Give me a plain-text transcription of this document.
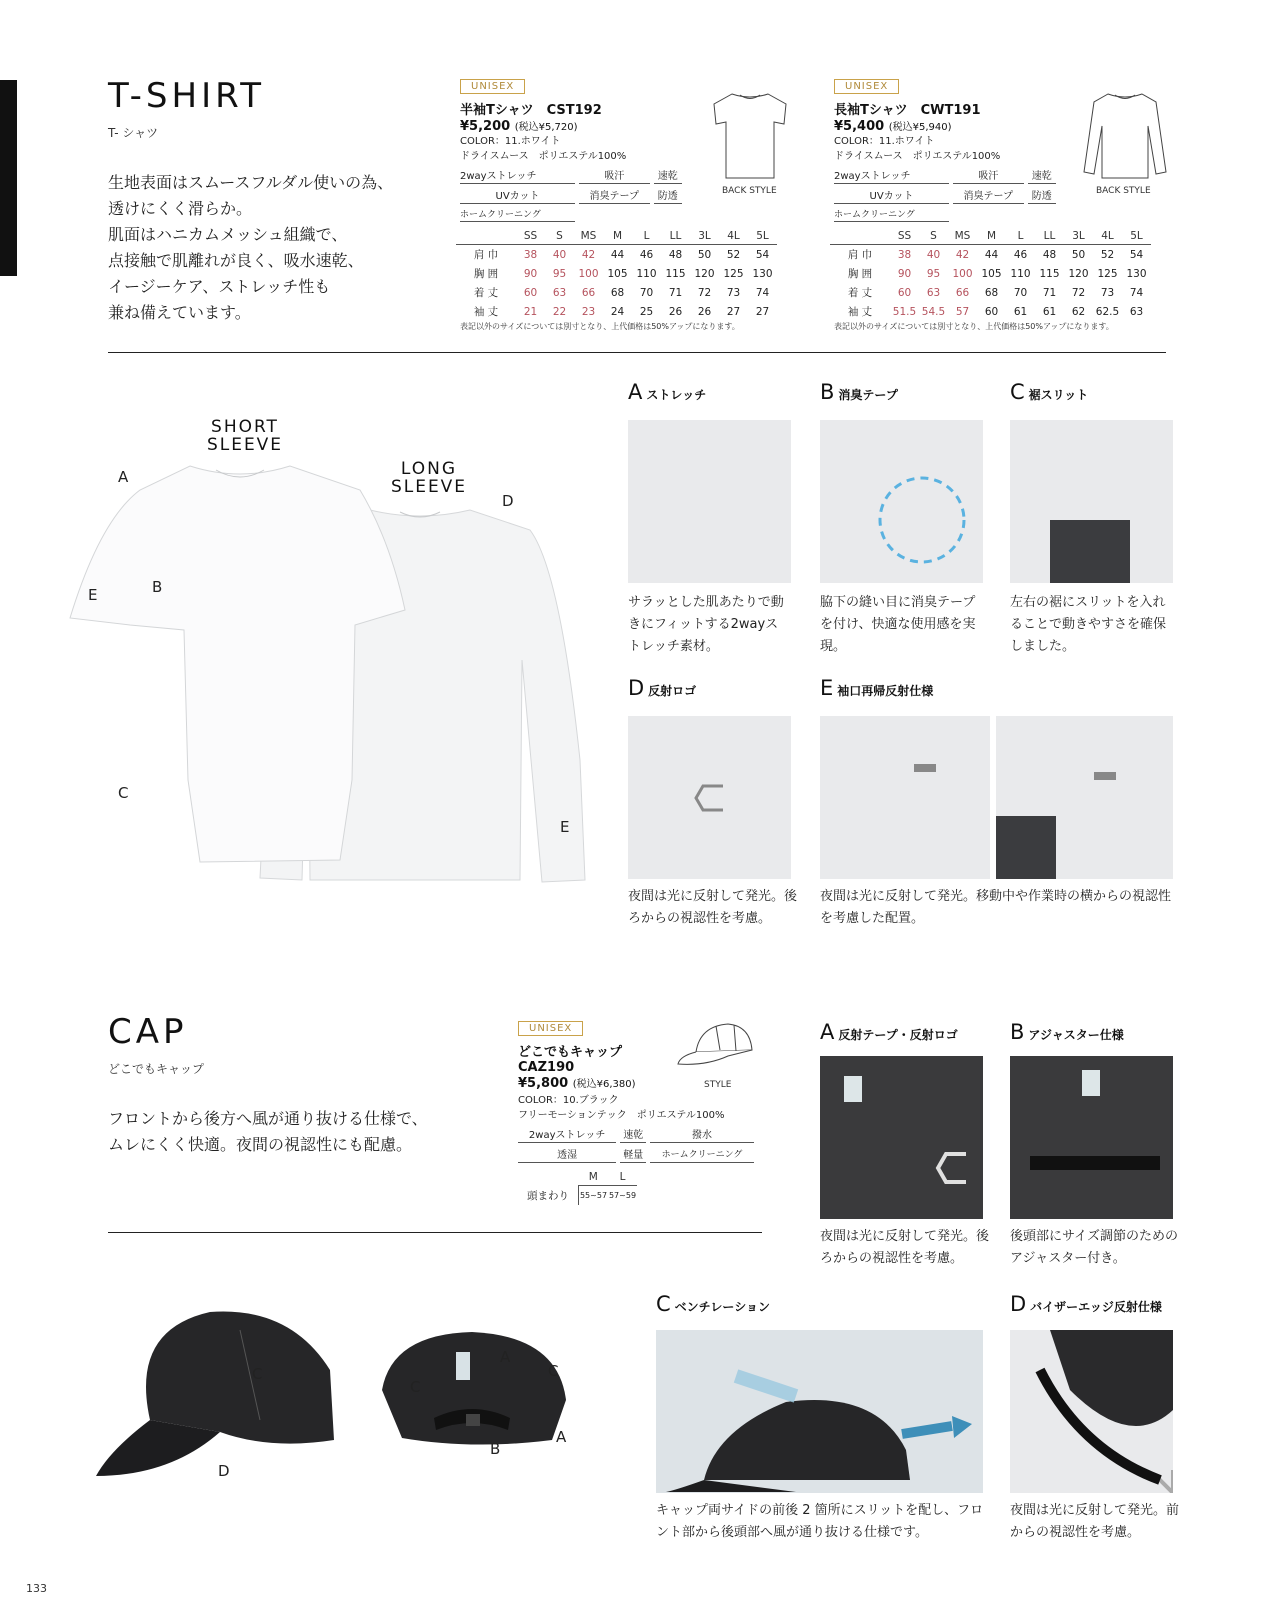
T-SHIRT
T- シャツ
生地表面はスムースフルダル使いの為、
透けにくく滑らか。
肌面はハニカムメッシュ組織で、
点接触で肌離れが良く、吸水速乾、
イージーケア、ストレッチ性も
兼ね備えています。
UNISEX
半袖Tシャツ　CST192
¥5,200 (税込¥5,720)
COLOR：11.ホワイト
ドライスムース　ポリエステル100%
2wayストレッチ	吸汗	速乾
UVカット	消臭テープ	防透
ホームクリーニング		
	SS	S	MS	M	L	LL	3L	4L	5L
肩 巾	38	40	42	44	46	48	50	52	54
胸 囲	90	95	100	105	110	115	120	125	130
着 丈	60	63	66	68	70	71	72	73	74
袖 丈	21	22	23	24	25	26	26	27	27
表記以外のサイズについては別寸となり、上代価格は50%アップになります。
BACK STYLE
UNISEX
長袖Tシャツ　CWT191
¥5,400 (税込¥5,940)
COLOR：11.ホワイト
ドライスムース　ポリエステル100%
2wayストレッチ	吸汗	速乾
UVカット	消臭テープ	防透
ホームクリーニング		
	SS	S	MS	M	L	LL	3L	4L	5L
肩 巾	38	40	42	44	46	48	50	52	54
胸 囲	90	95	100	105	110	115	120	125	130
着 丈	60	63	66	68	70	71	72	73	74
袖 丈	51.5	54.5	57	60	61	61	62	62.5	63
表記以外のサイズについては別寸となり、上代価格は50%アップになります。
BACK STYLE
SHORT
SLEEVE
LONG
SLEEVE
A
B
C
D
E
E
Aストレッチ
サラッとした肌あたりで動きにフィットする2wayストレッチ素材。
B消臭テープ
脇下の縫い目に消臭テープを付け、快適な使用感を実現。
C裾スリット
左右の裾にスリットを入れることで動きやすさを確保しました。
D反射ロゴ
夜間は光に反射して発光。後ろからの視認性を考慮。
E袖口再帰反射仕様
夜間は光に反射して発光。移動中や作業時の横からの視認性を考慮した配置。
CAP
どこでもキャップ
フロントから後方へ風が通り抜ける仕様で、
ムレにくく快適。夜間の視認性にも配慮。
UNISEX
どこでもキャップ
CAZ190
¥5,800 (税込¥6,380)
COLOR：10.ブラック
フリーモーションテック　ポリエステル100%
2wayストレッチ	速乾	撥水
透湿	軽量	ホームクリーニング
	M	L
頭まわり	55~57	57~59
STYLE
C
D
A
C
C
B
A
A反射テープ・反射ロゴ
夜間は光に反射して発光。後ろからの視認性を考慮。
Bアジャスター仕様
後頭部にサイズ調節のためのアジャスター付き。
Cベンチレーション
キャップ両サイドの前後 2 箇所にスリットを配し、フロント部から後頭部へ風が通り抜ける仕様です。
Dバイザーエッジ反射仕様
夜間は光に反射して発光。前からの視認性を考慮。
133
